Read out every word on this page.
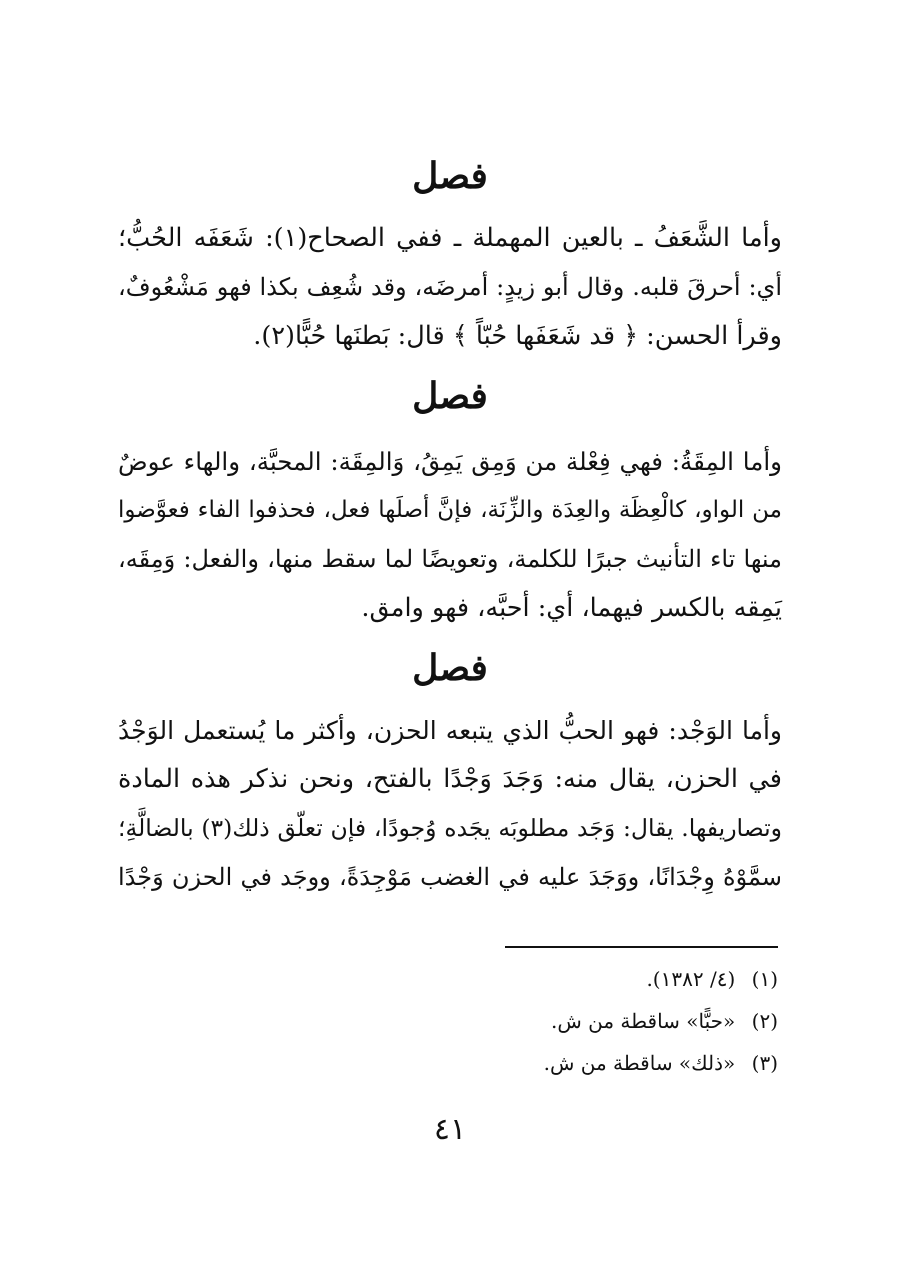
فصل
وأما الشَّعَفُ ـ بالعين المهملة ـ ففي الصحاح(١): شَعَفَه الحُبُّ؛
أي: أحرقَ قلبه. وقال أبو زيدٍ: أمرضَه، وقد شُعِف بكذا فهو مَشْعُوفٌ،
وقرأ الحسن: ﴿ قد شَعَفَها حُبّاً ﴾ قال: بَطنَها حُبًّا(٢).
فصل
وأما المِقَةُ: فهي فِعْلة من وَمِق يَمِقُ، وَالمِقَة: المحبَّة، والهاء عوضٌ
من الواو، كالْعِظَة والعِدَة والزِّنَة، فإنَّ أصلَها فعل، فحذفوا الفاء فعوَّضوا
منها تاء التأنيث جبرًا للكلمة، وتعويضًا لما سقط منها، والفعل: وَمِقَه،
يَمِقه بالكسر فيهما، أي: أحبَّه، فهو وامق.
فصل
وأما الوَجْد: فهو الحبُّ الذي يتبعه الحزن، وأكثر ما يُستعمل الوَجْدُ
في الحزن، يقال منه: وَجَدَ وَجْدًا بالفتح، ونحن نذكر هذه المادة
وتصاريفها. يقال: وَجَد مطلوبَه يجَده وُجودًا، فإن تعلّق ذلك(٣) بالضالَّةِ؛
سمَّوْهُ وِجْدَانًا، ووَجَدَ عليه في الغضب مَوْجِدَةً، ووجَد في الحزن وَجْدًا
(١) (٤/ ١٣٨٢).
(٢) «حبًّا» ساقطة من ش.
(٣) «ذلك» ساقطة من ش.
٤١
